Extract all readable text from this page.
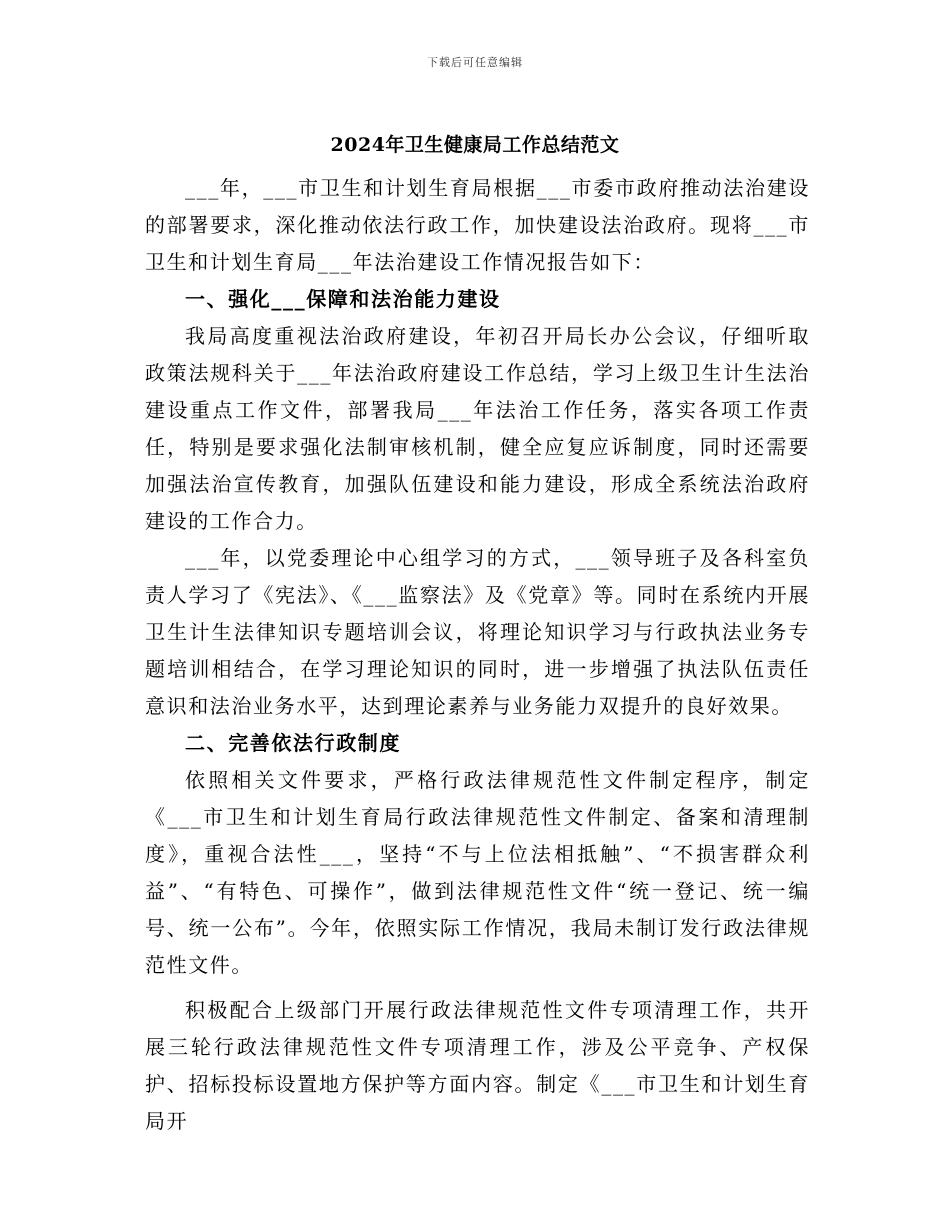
下载后可任意编辑
2024年卫生健康局工作总结范文

___年，___市卫生和计划生育局根据___市委市政府推动法治建设的部署要求，深化推动依法行政工作，加快建设法治政府。现将___市卫生和计划生育局___年法治建设工作情况报告如下：

一、强化___保障和法治能力建设

我局高度重视法治政府建设，年初召开局长办公会议，仔细听取政策法规科关于___年法治政府建设工作总结，学习上级卫生计生法治建设重点工作文件，部署我局___年法治工作任务，落实各项工作责任，特别是要求强化法制审核机制，健全应复应诉制度，同时还需要加强法治宣传教育，加强队伍建设和能力建设，形成全系统法治政府建设的工作合力。

___年，以党委理论中心组学习的方式，___领导班子及各科室负责人学习了《宪法》、《___监察法》及《党章》等。同时在系统内开展卫生计生法律知识专题培训会议，将理论知识学习与行政执法业务专题培训相结合，在学习理论知识的同时，进一步增强了执法队伍责任意识和法治业务水平，达到理论素养与业务能力双提升的良好效果。

二、完善依法行政制度

依照相关文件要求，严格行政法律规范性文件制定程序，制定《___市卫生和计划生育局行政法律规范性文件制定、备案和清理制度》，重视合法性___，坚持“不与上位法相抵触”、“不损害群众利益”、“有特色、可操作”，做到法律规范性文件“统一登记、统一编号、统一公布”。今年，依照实际工作情况，我局未制订发行政法律规范性文件。

积极配合上级部门开展行政法律规范性文件专项清理工作，共开展三轮行政法律规范性文件专项清理工作，涉及公平竞争、产权保护、招标投标设置地方保护等方面内容。制定《___市卫生和计划生育局开
